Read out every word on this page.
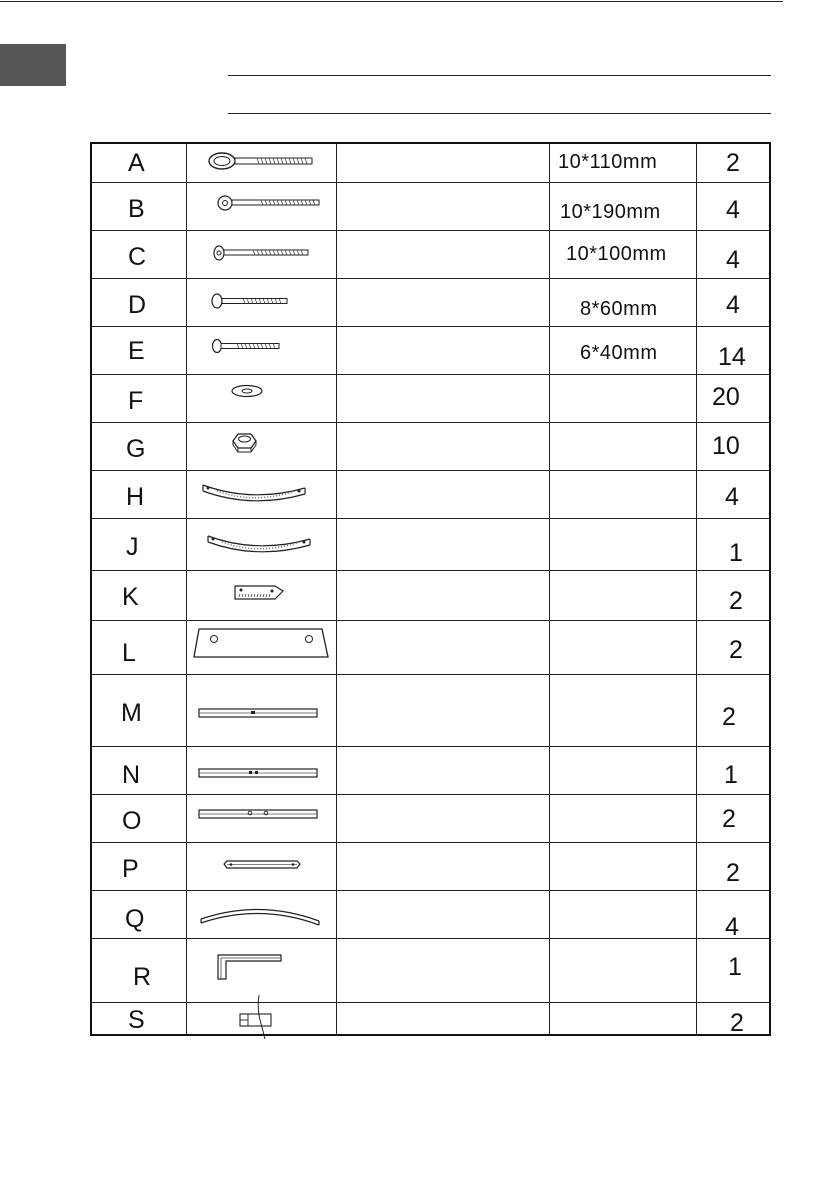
A	10*110mm	2
B	10*190mm	4
C	10*100mm 4
D	8*60mm	4
E	6*40mm 14
F	20
G	10
H	4
J	1
K	2
L	2
M	2
N	1
O	2
P	2
Q	4
R	1
S	2
